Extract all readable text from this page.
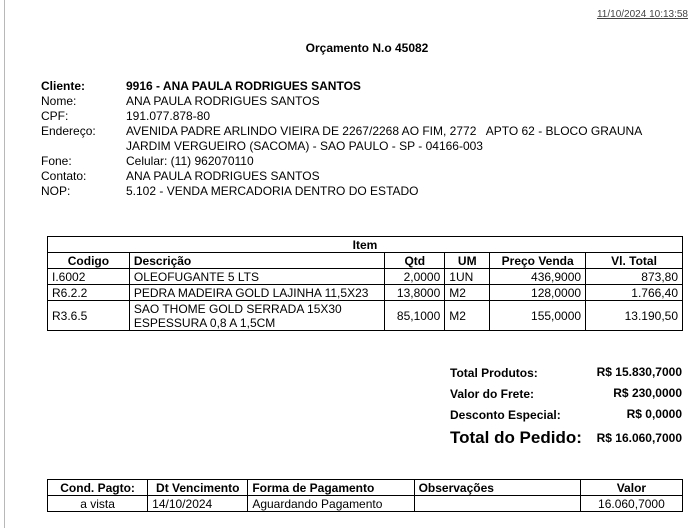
11/10/2024 10:13:58
Orçamento N.o 45082
Cliente:	9916 - ANA PAULA RODRIGUES SANTOS
Nome:	ANA PAULA RODRIGUES SANTOS
CPF:	191.077.878-80
Endereço:	AVENIDA PADRE ARLINDO VIEIRA DE 2267/2268 AO FIM, 2772   APTO 62 - BLOCO GRAUNA
JARDIM VERGUEIRO (SACOMA) - SAO PAULO - SP - 04166-003
Fone:	Celular: (11) 962070110
Contato:	ANA PAULA RODRIGUES SANTOS
NOP:	5.102 - VENDA MERCADORIA DENTRO DO ESTADO
Item					
Codigo	Descrição	Qtd	UM	Preço Venda	Vl. Total
I.6002	OLEOFUGANTE 5 LTS	2,0000	1UN	436,9000	873,80
R6.2.2	PEDRA MADEIRA GOLD LAJINHA 11,5X23	13,8000	M2	128,0000	1.766,40
R3.6.5	SAO THOME GOLD SERRADA 15X30 ESPESSURA 0,8 A 1,5CM	85,1000	M2	155,0000	13.190,50
Total Produtos:	R$ 15.830,7000
Valor do Frete:	R$ 230,0000
Desconto Especial:	R$ 0,0000
Total do Pedido: R$ 16.060,7000
Cond. Pagto:	Dt Vencimento	Forma de Pagamento	Observações	Valor
a vista	14/10/2024	Aguardando Pagamento		16.060,7000
